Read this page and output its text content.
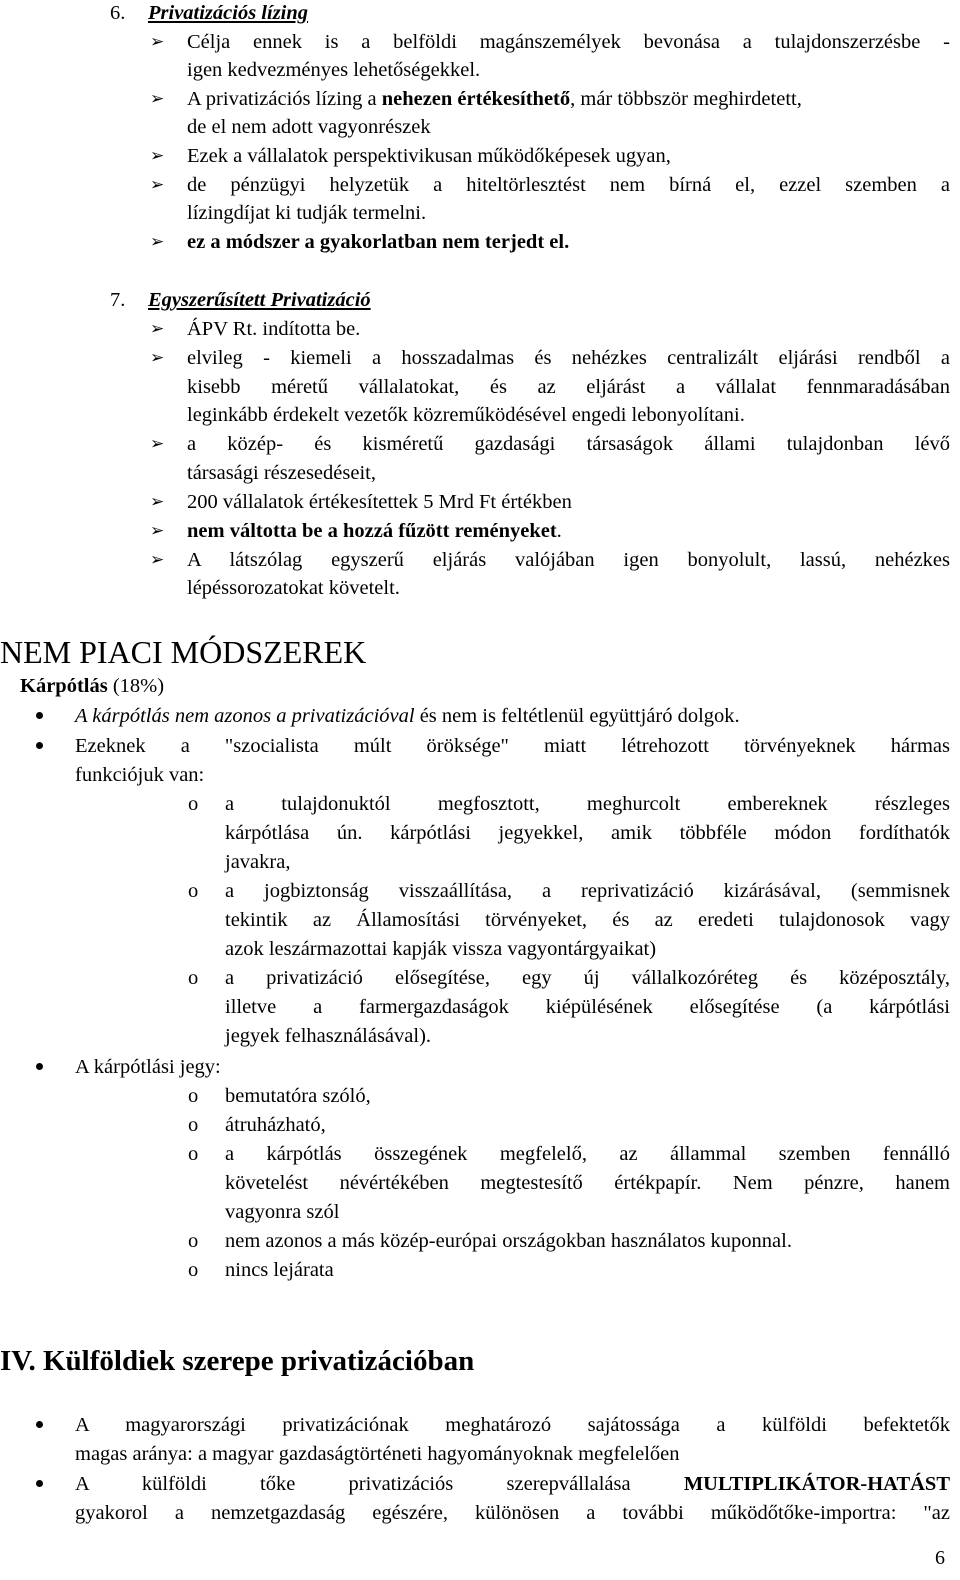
6. Privatizációs lízing
➢ Célja ennek is a belföldi magánszemélyek bevonása a tulajdonszerzésbe -
igen kedvezményes lehetőségekkel.
➢ A privatizációs lízing a nehezen értékesíthető, már többször meghirdetett,
de el nem adott vagyonrészek
➢ Ezek a vállalatok perspektivikusan működőképesek ugyan,
➢ de pénzügyi helyzetük a hiteltörlesztést nem bírná el, ezzel szemben a
lízingdíjat ki tudják termelni.
➢ ez a módszer a gyakorlatban nem terjedt el.
7. Egyszerűsített Privatizáció
➢ ÁPV Rt. indította be.
➢ elvileg - kiemeli a hosszadalmas és nehézkes centralizált eljárási rendből a
kisebb méretű vállalatokat, és az eljárást a vállalat fennmaradásában
leginkább érdekelt vezetők közreműködésével engedi lebonyolítani.
➢ a közép- és kisméretű gazdasági társaságok állami tulajdonban lévő
társasági részesedéseit,
➢ 200 vállalatok értékesítettek 5 Mrd Ft értékben
➢ nem váltotta be a hozzá fűzött reményeket.
➢ A látszólag egyszerű eljárás valójában igen bonyolult, lassú, nehézkes
lépéssorozatokat követelt.
NEM PIACI MÓDSZEREK
Kárpótlás (18%)
A kárpótlás nem azonos a privatizációval és nem is feltétlenül együttjáró dolgok.
Ezeknek a "szocialista múlt öröksége" miatt létrehozott törvényeknek hármas
funkciójuk van:
o a tulajdonuktól megfosztott, meghurcolt embereknek részleges
kárpótlása ún. kárpótlási jegyekkel, amik többféle módon fordíthatók
javakra,
o a jogbiztonság visszaállítása, a reprivatizáció kizárásával, (semmisnek
tekintik az Államosítási törvényeket, és az eredeti tulajdonosok vagy
azok leszármazottai kapják vissza vagyontárgyaikat)
o a privatizáció elősegítése, egy új vállalkozóréteg és középosztály,
illetve a farmergazdaságok kiépülésének elősegítése (a kárpótlási
jegyek felhasználásával).
A kárpótlási jegy:
o bemutatóra szóló,
o átruházható,
o a kárpótlás összegének megfelelő, az állammal szemben fennálló
követelést névértékében megtestesítő értékpapír. Nem pénzre, hanem
vagyonra szól
o nem azonos a más közép-európai országokban használatos kuponnal.
o nincs lejárata
IV. Külföldiek szerepe privatizációban
A magyarországi privatizációnak meghatározó sajátossága a külföldi befektetők
magas aránya: a magyar gazdaságtörténeti hagyományoknak megfelelően
A külföldi tőke privatizációs szerepvállalása MULTIPLIKÁTOR-HATÁST
gyakorol a nemzetgazdaság egészére, különösen a további működőtőke-importra: "az
6
